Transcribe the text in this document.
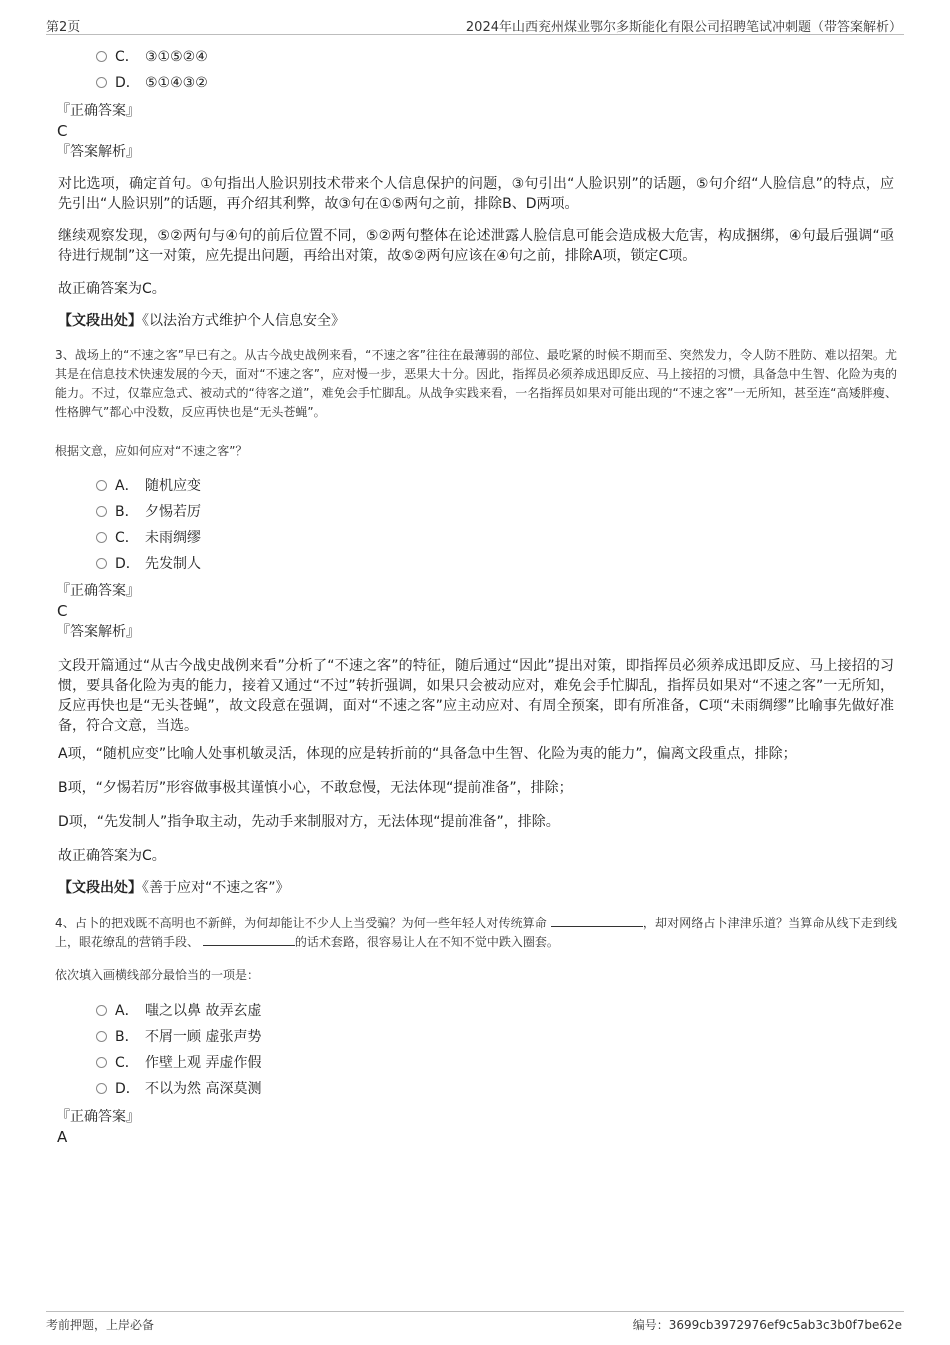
第2页	2024年山西兖州煤业鄂尔多斯能化有限公司招聘笔试冲刺题（带答案解析）
C． ③①⑤②④
D． ⑤①④③②
『正确答案』
C
『答案解析』
对比选项，确定首句。①句指出人脸识别技术带来个人信息保护的问题，③句引出“人脸识别”的话题，⑤句介绍“人脸信息”的特点，应先引出“人脸识别”的话题，再介绍其利弊，故③句在①⑤两句之前，排除B、D两项。
继续观察发现，⑤②两句与④句的前后位置不同，⑤②两句整体在论述泄露人脸信息可能会造成极大危害，构成捆绑，④句最后强调“亟待进行规制”这一对策，应先提出问题，再给出对策，故⑤②两句应该在④句之前，排除A项，锁定C项。
故正确答案为C。
【文段出处】《以法治方式维护个人信息安全》
3、战场上的“不速之客”早已有之。从古今战史战例来看，“不速之客”往往在最薄弱的部位、最吃紧的时候不期而至、突然发力，令人防不胜防、难以招架。尤其是在信息技术快速发展的今天，面对“不速之客”，应对慢一步，恶果大十分。因此，指挥员必须养成迅即反应、马上接招的习惯，具备急中生智、化险为夷的能力。不过，仅靠应急式、被动式的“待客之道”，难免会手忙脚乱。从战争实践来看，一名指挥员如果对可能出现的“不速之客”一无所知，甚至连“高矮胖瘦、性格脾气”都心中没数，反应再快也是“无头苍蝇”。
根据文意，应如何应对“不速之客”？
A． 随机应变
B． 夕惕若厉
C． 未雨绸缪
D． 先发制人
『正确答案』
C
『答案解析』
文段开篇通过“从古今战史战例来看”分析了“不速之客”的特征，随后通过“因此”提出对策，即指挥员必须养成迅即反应、马上接招的习惯，要具备化险为夷的能力，接着又通过“不过”转折强调，如果只会被动应对，难免会手忙脚乱，指挥员如果对“不速之客”一无所知，反应再快也是“无头苍蝇”，故文段意在强调，面对“不速之客”应主动应对、有周全预案，即有所准备，C项“未雨绸缪”比喻事先做好准备，符合文意，当选。
A项，“随机应变”比喻人处事机敏灵活，体现的应是转折前的“具备急中生智、化险为夷的能力”，偏离文段重点，排除；
B项，“夕惕若厉”形容做事极其谨慎小心，不敢怠慢，无法体现“提前准备”，排除；
D项，“先发制人”指争取主动，先动手来制服对方，无法体现“提前准备”，排除。
故正确答案为C。
【文段出处】《善于应对“不速之客”》
4、占卜的把戏既不高明也不新鲜，为何却能让不少人上当受骗？为何一些年轻人对传统算命	，却对网络占卜津津乐道？当算命从线下走到线上，眼花缭乱的营销手段、	的话术套路，很容易让人在不知不觉中跌入圈套。
依次填入画横线部分最恰当的一项是：
A． 嗤之以鼻 故弄玄虚
B． 不屑一顾 虚张声势
C． 作壁上观 弄虚作假
D． 不以为然 高深莫测
『正确答案』
A
考前押题，上岸必备	编号：3699cb3972976ef9c5ab3c3b0f7be62e
